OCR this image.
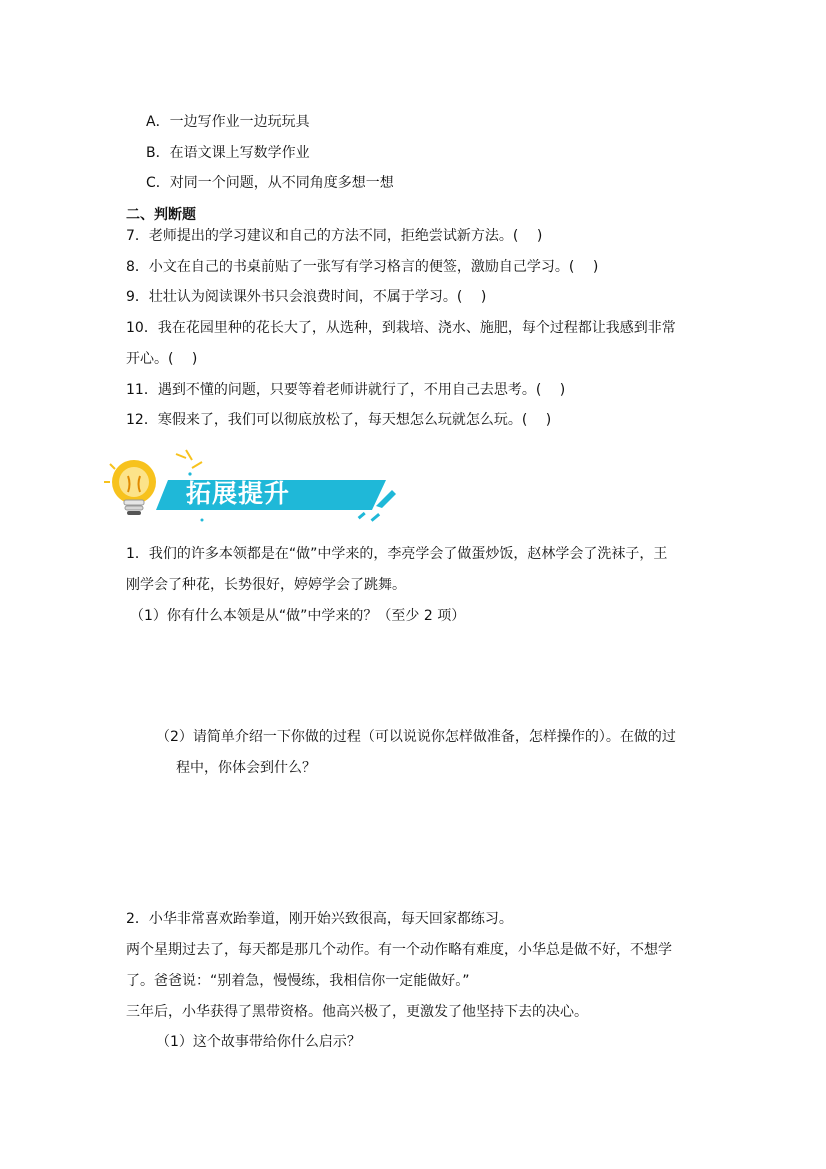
A．一边写作业一边玩玩具
B．在语文课上写数学作业
C．对同一个问题，从不同角度多想一想
二、判断题
7．老师提出的学习建议和自己的方法不同，拒绝尝试新方法。(　 )
8．小文在自己的书桌前贴了一张写有学习格言的便签，激励自己学习。(　 )
9．壮壮认为阅读课外书只会浪费时间，不属于学习。(　 )
10．我在花园里种的花长大了，从选种，到栽培、浇水、施肥，每个过程都让我感到非常
开心。(　 )
11．遇到不懂的问题，只要等着老师讲就行了，不用自己去思考。(　 )
12．寒假来了，我们可以彻底放松了，每天想怎么玩就怎么玩。(　 )
拓展提升
1．我们的许多本领都是在“做”中学来的，李亮学会了做蛋炒饭，赵林学会了洗袜子，王
刚学会了种花，长势很好，婷婷学会了跳舞。
（1）你有什么本领是从“做”中学来的？（至少 2 项）
（2）请简单介绍一下你做的过程（可以说说你怎样做准备，怎样操作的）。在做的过
程中，你体会到什么？
2．小华非常喜欢跆拳道，刚开始兴致很高，每天回家都练习。
两个星期过去了，每天都是那几个动作。有一个动作略有难度，小华总是做不好，不想学
了。爸爸说：“别着急，慢慢练，我相信你一定能做好。”
三年后，小华获得了黑带资格。他高兴极了，更激发了他坚持下去的决心。
（1）这个故事带给你什么启示？
